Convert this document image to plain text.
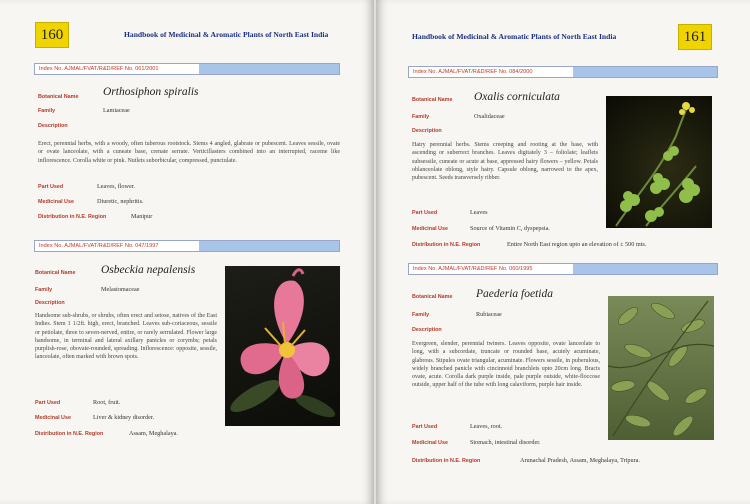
160	Handbook of Medicinal & Aromatic Plants of North East India
Index No. AJMAL/FVAT/R&D/REF No. 061/2001
Botanical Name Orthosiphon spiralis
Family	Lamiaceae
Description
Erect, perennial herbs, with a woody, often tuberous rootstock. Stems 4 angled, glabrate or pubescent. Leaves sessile, ovate or ovate lanceolate, with a cuneate base, crenate serrate. Verticillasters combined into an interrupted, raceme like inflorescence. Corolla white or pink. Nutlets suborbicular, compressed, punctulate.
Part Used	Leaves, flower.
Medicinal Use	Diuretic, nephritis.
Distribution in N.E. Region	Manipur
Index No. AJMAL/FVAT/R&D/REF No. 047/1997
Botanical Name Osbeckia nepalensis
Family	Melastomaceae
Description
Handsome sub-shrubs, or shrubs, often erect and setose, natives of the East Indies. Stem 1 1/2ft. high, erect, branched. Leaves sub-coriaceous, sessile or petiolate, three to seven-nerved, entire, or rarely serrulated. Flower large handsome, in terminal and lateral axillary panicles or corymbs; petals purplish-rose, obovate-rounded, spreading. Inflorescence: opposite, sessile, lanceolate, often marked with brown spots.
Part Used	Root, fruit.
Medicinal Use	Liver & kidney disorder.
Distribution in N.E. Region	Assam, Meghalaya.
Handbook of Medicinal & Aromatic Plants of North East India	161
Index No. AJMAL/FVAT/R&D/REF No. 084/2000
Botanical Name Oxalis corniculata
Family	Oxalidaceae
Description
Hairy perennial herbs. Stems creeping and rooting at the base, with ascending or suberrect branches. Leaves digitately 3 – foliolate; leaflets subsessile, cuneate or acute at base, appressed hairy flowers – yellow. Petals oblanceolate oblong, style hairy. Capsule oblong, narrowed to the apex, pubescent. Seeds transversely ribber.
Part Used	Leaves
Medicinal Use	Source of Vitamin C, dyspepsia.
Distribution in N.E. Region	Entire North East region upto an elevation of ± 500 mts.
Index No. AJMAL/FVAT/R&D/REF No. 060/1995
Botanical Name Paederia foetida
Family	Rubiaceae
Description
Evergreen, slender, perennial twiners. Leaves opposite, ovate lanceolate to long, with a subcordate, truncate or rounded base, acutely acuminate, glabrous. Stipules ovate triangular, acuminate. Flowers sessile, in puberulous, widely branched panicle with cincinnoid branchlets upto 20cm long. Bracts ovate, acute. Corolla dark purple inside, pale purple outside, white-floccose outside, upper half of the tube with long calaviform, purple hair inside.
Part Used	Leaves, root.
Medicinal Use	Stomach, intestinal disorder.
Distribution in N.E. Region	Arunachal Pradesh, Assam, Meghalaya, Tripura.
